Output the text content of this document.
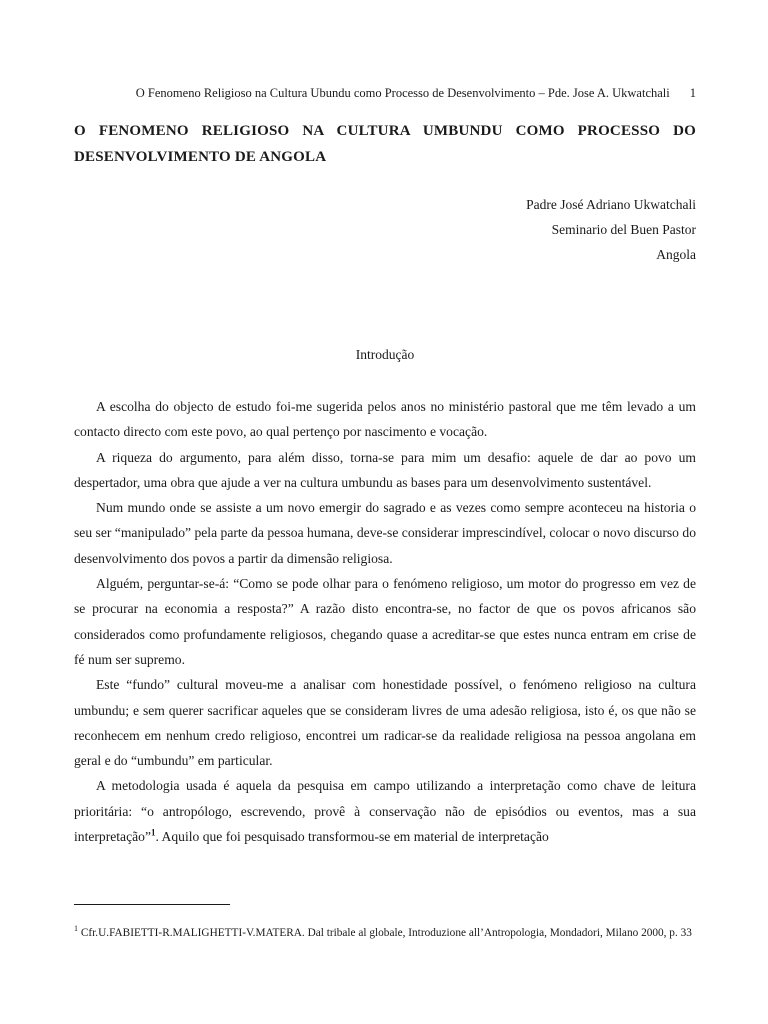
O Fenomeno Religioso na Cultura Ubundu como Processo de Desenvolvimento – Pde. Jose A. Ukwatchali 1
O FENOMENO RELIGIOSO NA CULTURA UMBUNDU COMO PROCESSO DO DESENVOLVIMENTO DE ANGOLA
Padre José Adriano Ukwatchali
Seminario del Buen Pastor
Angola
Introdução

A escolha do objecto de estudo foi-me sugerida pelos anos no ministério pastoral que me têm levado a um contacto directo com este povo, ao qual pertenço por nascimento e vocação.

A riqueza do argumento, para além disso, torna-se para mim um desafio: aquele de dar ao povo um despertador, uma obra que ajude a ver na cultura umbundu as bases para um desenvolvimento sustentável.

Num mundo onde se assiste a um novo emergir do sagrado e as vezes como sempre aconteceu na historia o seu ser “manipulado” pela parte da pessoa humana, deve-se considerar imprescindível, colocar o novo discurso do desenvolvimento dos povos a partir da dimensão religiosa.

Alguém, perguntar-se-á: “Como se pode olhar para o fenómeno religioso, um motor do progresso em vez de se procurar na economia a resposta?” A razão disto encontra-se, no factor de que os povos africanos são considerados como profundamente religiosos, chegando quase a acreditar-se que estes nunca entram em crise de fé num ser supremo.

Este “fundo” cultural moveu-me a analisar com honestidade possível, o fenómeno religioso na cultura umbundu; e sem querer sacrificar aqueles que se consideram livres de uma adesão religiosa, isto é, os que não se reconhecem em nenhum credo religioso, encontrei um radicar-se da realidade religiosa na pessoa angolana em geral e do “umbundu” em particular.

A metodologia usada é aquela da pesquisa em campo utilizando a interpretação como chave de leitura prioritária: “o antropólogo, escrevendo, provê à conservação não de episódios ou eventos, mas a sua interpretação”$^1$. Aquilo que foi pesquisado transformou-se em material de interpretação

$^1$ Cfr.U.FABIETTI-R.MALIGHETTI-V.MATERA. Dal tribale al globale, Introduzione all’Antropologia, Mondadori, Milano 2000, p. 33
